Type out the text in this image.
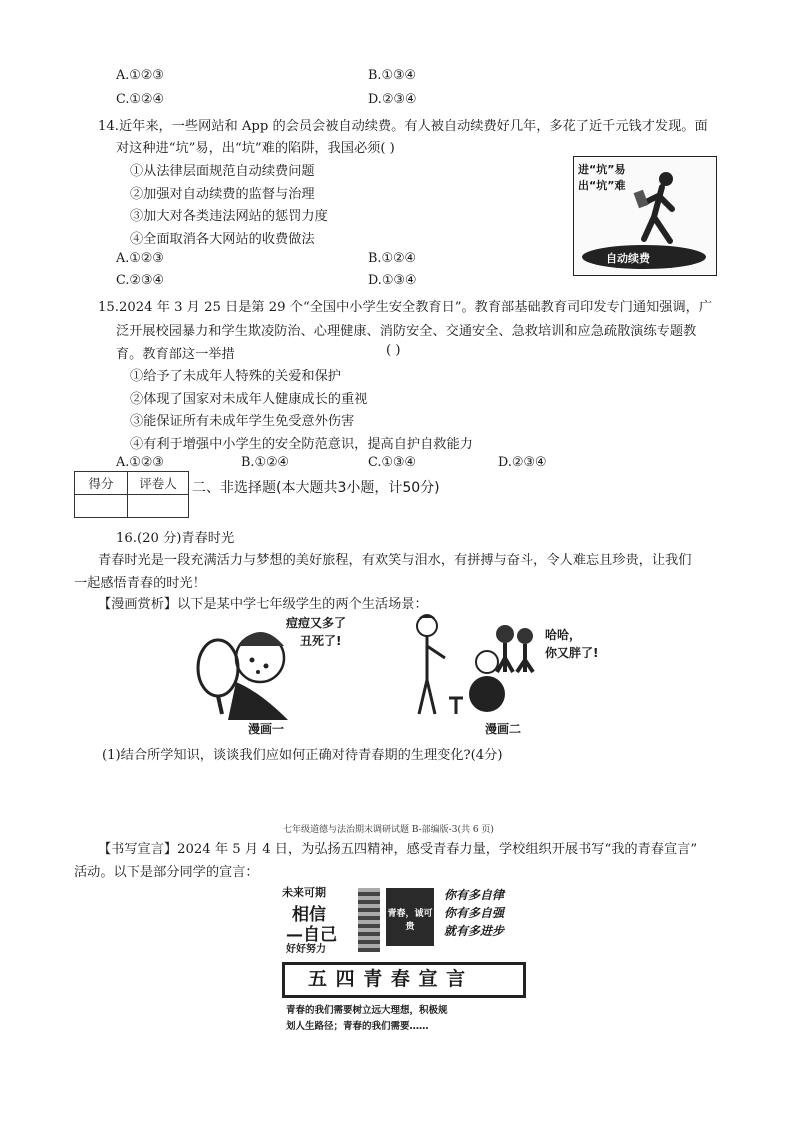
A.①②③	B.①③④
C.①②④	D.②③④
14.近年来，一些网站和 App 的会员会被自动续费。有人被自动续费好几年，多花了近千元钱才发现。面
对这种进“坑”易，出“坑”难的陷阱，我国必须( )
①从法律层面规范自动续费问题
②加强对自动续费的监督与治理
③加大对各类违法网站的惩罚力度
④全面取消各大网站的收费做法
A.①②③	B.①②④
C.②③④	D.①③④
进“坑”易
出“坑”难
自动续费
15.2024 年 3 月 25 日是第 29 个“全国中小学生安全教育日”。教育部基础教育司印发专门通知强调，广
泛开展校园暴力和学生欺凌防治、心理健康、消防安全、交通安全、急救培训和应急疏散演练专题教
育。教育部这一举措	( )
①给予了未成年人特殊的关爱和保护
②体现了国家对未成年人健康成长的重视
③能保证所有未成年学生免受意外伤害
④有利于增强中小学生的安全防范意识，提高自护自救能力
A.①②③	B.①②④	C.①③④	D.②③④
得分	评卷人
	二、非选择题(本大题共3小题，计50分)
16.(20 分)青春时光
青春时光是一段充满活力与梦想的美好旅程，有欢笑与泪水，有拼搏与奋斗，令人难忘且珍贵，让我们
一起感悟青春的时光！
【漫画赏析】以下是某中学七年级学生的两个生活场景：
痘痘又多了
丑死了!
漫画一
哈哈，
你又胖了!
漫画二
(1)结合所学知识，谈谈我们应如何正确对待青春期的生理变化?(4分)
七年级道德与法治期末调研试题 B-部编版-3(共 6 页)
【书写宣言】2024 年 5 月 4 日，为弘扬五四精神，感受青春力量，学校组织开展书写“我的青春宣言”
活动。以下是部分同学的宣言：
未来可期
相信
—自己
好好努力
青春，诚可贵
你有多自律
你有多自强
就有多进步
五 四 青 春 宣 言
青春的我们需要树立远大理想，积极规
划人生路径；青春的我们需要……
